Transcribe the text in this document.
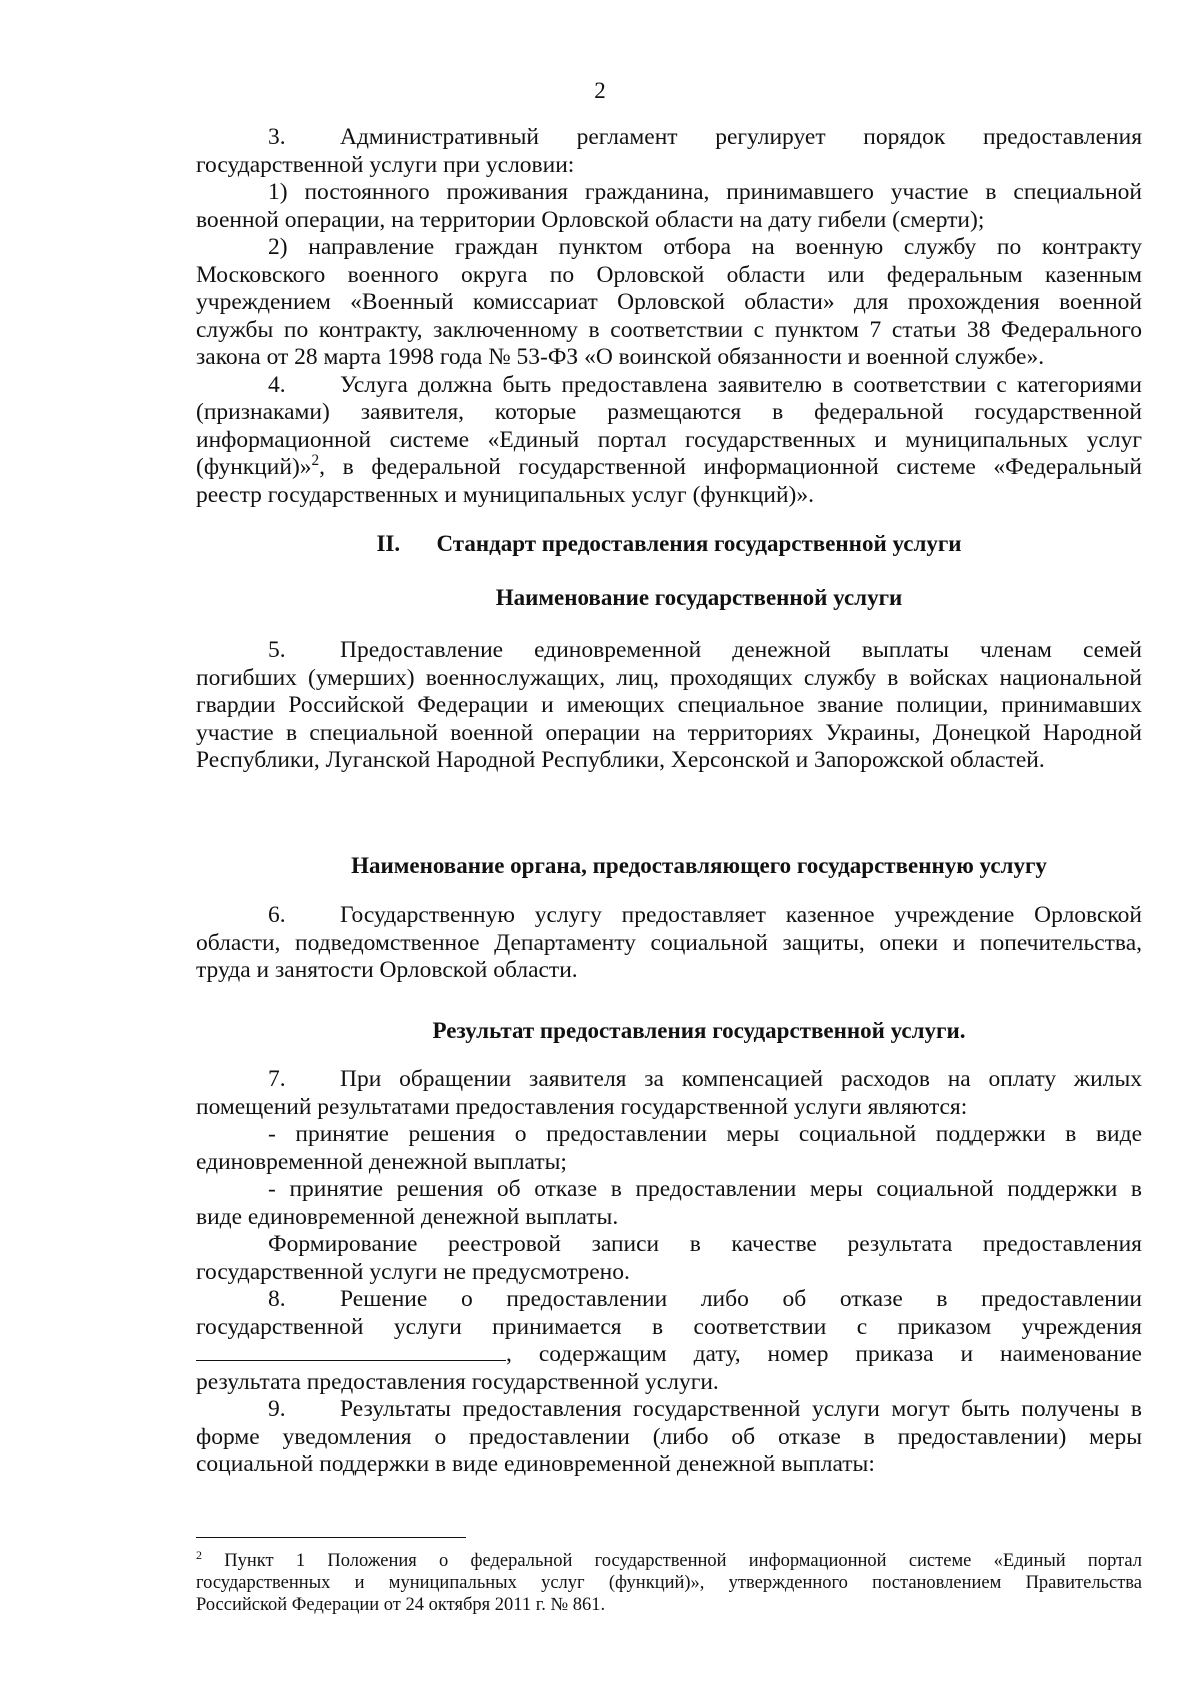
2
3. Административный регламент регулирует порядок предоставления
государственной услуги при условии:
1) постоянного проживания гражданина, принимавшего участие в специальной
военной операции, на территории Орловской области на дату гибели (смерти);
2) направление граждан пунктом отбора на военную службу по контракту
Московского военного округа по Орловской области или федеральным казенным
учреждением «Военный комиссариат Орловской области» для прохождения военной
службы по контракту, заключенному в соответствии с пунктом 7 статьи 38 Федерального
закона от 28 марта 1998 года № 53-ФЗ «О воинской обязанности и военной службе».
4. Услуга должна быть предоставлена заявителю в соответствии с категориями
(признаками) заявителя, которые размещаются в федеральной государственной
информационной системе «Единый портал государственных и муниципальных услуг
(функций)»$^2$, в федеральной государственной информационной системе «Федеральный
реестр государственных и муниципальных услуг (функций)».
II. Стандарт предоставления государственной услуги
Наименование государственной услуги
5. Предоставление единовременной денежной выплаты членам семей
погибших (умерших) военнослужащих, лиц, проходящих службу в войсках национальной
гвардии Российской Федерации и имеющих специальное звание полиции, принимавших
участие в специальной военной операции на территориях Украины, Донецкой Народной
Республики, Луганской Народной Республики, Херсонской и Запорожской областей.
Наименование органа, предоставляющего государственную услугу
6. Государственную услугу предоставляет казенное учреждение Орловской
области, подведомственное Департаменту социальной защиты, опеки и попечительства,
труда и занятости Орловской области.
Результат предоставления государственной услуги.
7. При обращении заявителя за компенсацией расходов на оплату жилых
помещений результатами предоставления государственной услуги являются:
- принятие решения о предоставлении меры социальной поддержки в виде
единовременной денежной выплаты;
- принятие решения об отказе в предоставлении меры социальной поддержки в
виде единовременной денежной выплаты.
Формирование реестровой записи в качестве результата предоставления
государственной услуги не предусмотрено.
8. Решение о предоставлении либо об отказе в предоставлении
государственной услуги принимается в соответствии с приказом учреждения
, содержащим дату, номер приказа и наименование
результата предоставления государственной услуги.
9. Результаты предоставления государственной услуги могут быть получены в
форме уведомления о предоставлении (либо об отказе в предоставлении) меры
социальной поддержки в виде единовременной денежной выплаты:
$^2$ Пункт 1 Положения о федеральной государственной информационной системе «Единый портал
государственных и муниципальных услуг (функций)», утвержденного постановлением Правительства
Российской Федерации от 24 октября 2011 г. № 861.
